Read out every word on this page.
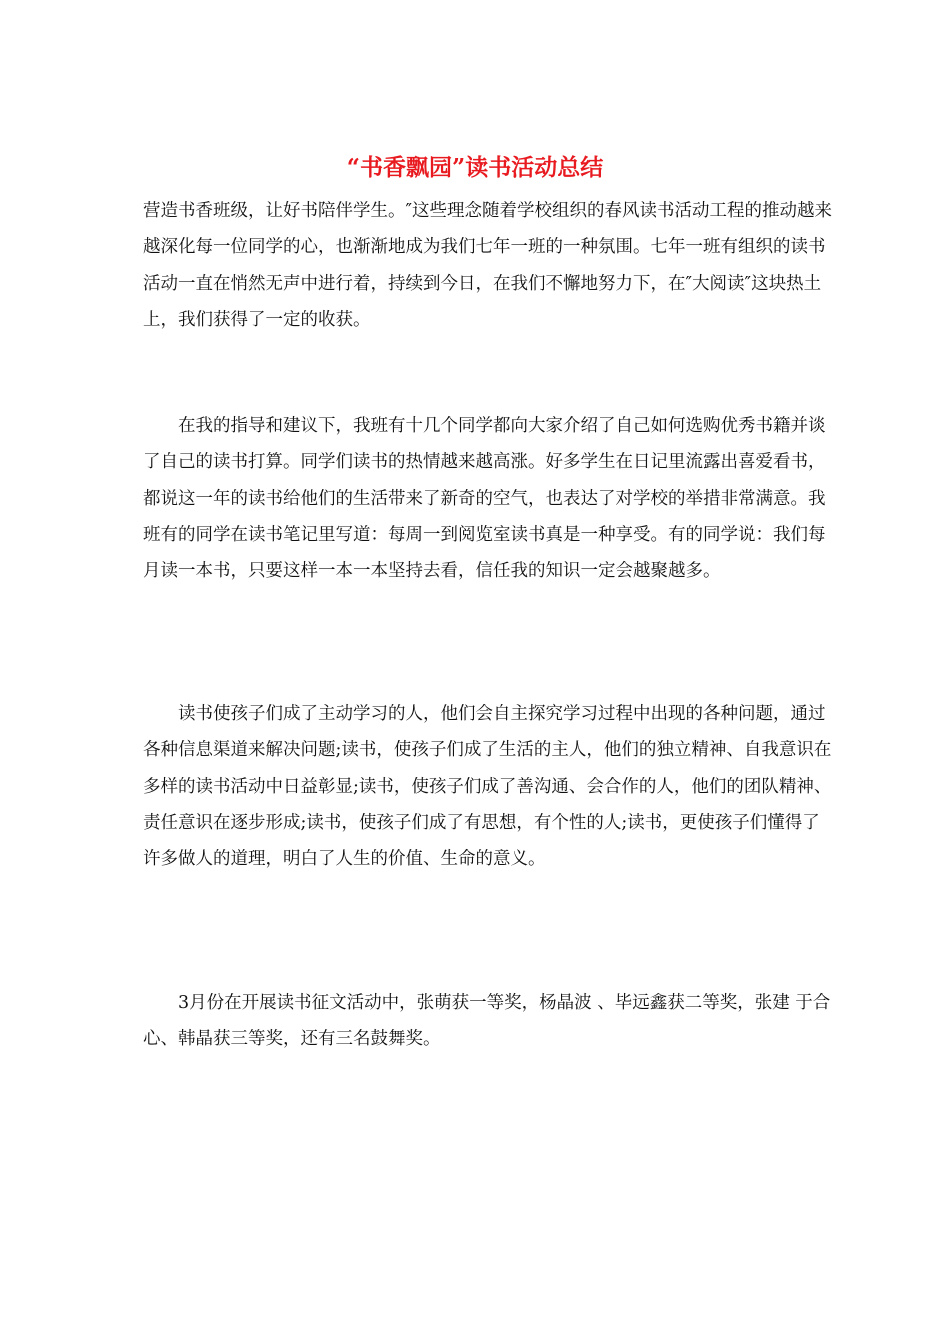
“书香飘园”读书活动总结

营造书香班级，让好书陪伴学生。″这些理念随着学校组织的春风读书活动工程的推动越来越深化每一位同学的心，也渐渐地成为我们七年一班的一种氛围。七年一班有组织的读书活动一直在悄然无声中进行着，持续到今日，在我们不懈地努力下，在″大阅读″这块热土上，我们获得了一定的收获。

在我的指导和建议下，我班有十几个同学都向大家介绍了自己如何选购优秀书籍并谈了自己的读书打算。同学们读书的热情越来越高涨。好多学生在日记里流露出喜爱看书，都说这一年的读书给他们的生活带来了新奇的空气，也表达了对学校的举措非常满意。我班有的同学在读书笔记里写道：每周一到阅览室读书真是一种享受。有的同学说：我们每月读一本书，只要这样一本一本坚持去看，信任我的知识一定会越聚越多。

读书使孩子们成了主动学习的人，他们会自主探究学习过程中出现的各种问题，通过各种信息渠道来解决问题;读书，使孩子们成了生活的主人，他们的独立精神、自我意识在多样的读书活动中日益彰显;读书，使孩子们成了善沟通、会合作的人，他们的团队精神、责任意识在逐步形成;读书，使孩子们成了有思想，有个性的人;读书，更使孩子们懂得了许多做人的道理，明白了人生的价值、生命的意义。

3月份在开展读书征文活动中，张萌获一等奖，杨晶波 、毕远鑫获二等奖，张建 于合心、韩晶获三等奖，还有三名鼓舞奖。
